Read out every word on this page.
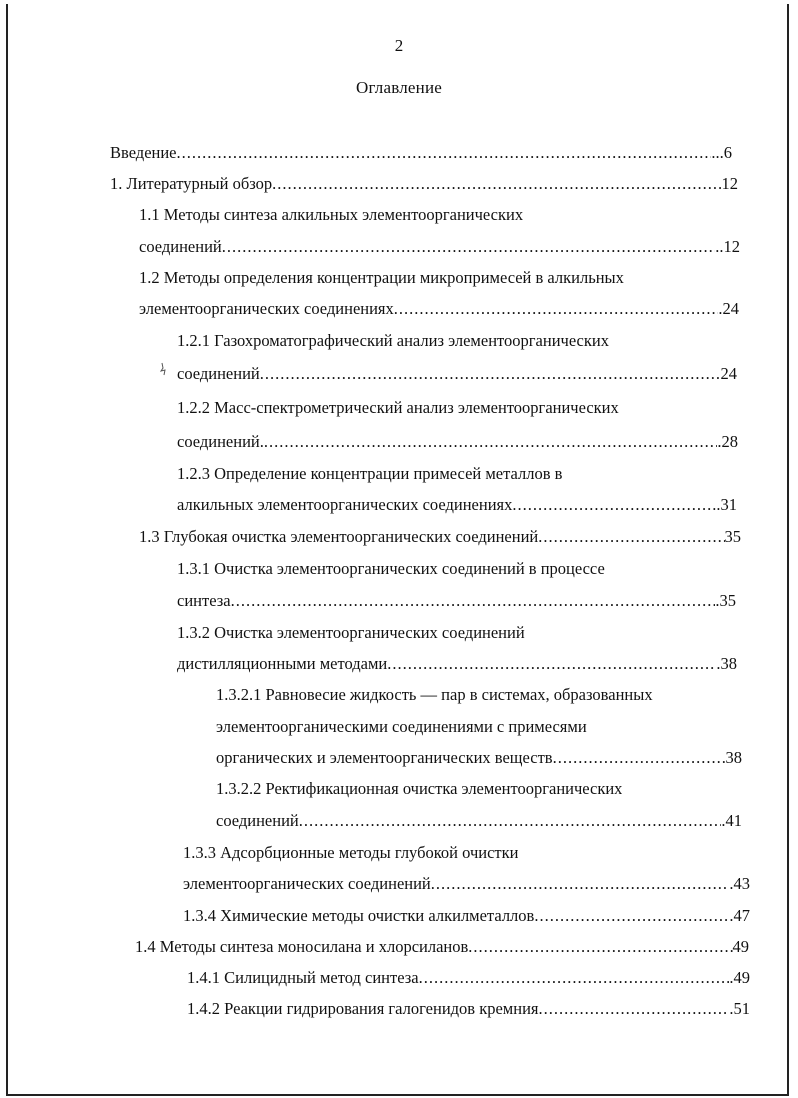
2
Оглавление
Введение .....	...6
1. Литературный обзор .....	12
1.1 Методы синтеза алкильных элементоорганических
соединений .....	..12
1.2 Методы определения концентрации микропримесей в алкильных
элементоорганических соединениях .....	.24
1.2.1 Газохроматографический анализ элементоорганических
соединений .....	24
1.2.2 Масс-спектрометрический анализ элементоорганических
соединений. .....	.28
1.2.3 Определение концентрации примесей металлов в
алкильных элементоорганических соединениях .....	.31
1.3 Глубокая очистка элементоорганических соединений .....	35
1.3.1 Очистка элементоорганических соединений в процессе
синтеза .....	.35
1.3.2 Очистка элементоорганических соединений
дистилляционными методами .....	.38
1.3.2.1 Равновесие жидкость — пар в системах, образованных
элементоорганическими соединениями с примесями
органических и элементоорганических веществ .....	38
1.3.2.2 Ректификационная очистка элементоорганических
соединений .....	.41
1.3.3 Адсорбционные методы глубокой очистки
элементоорганических соединений .....	.43
1.3.4 Химические методы очистки алкилметаллов .....	.47
1.4 Методы синтеза моносилана и хлорсиланов .....	49
1.4.1 Силицидный метод синтеза .....	.49
1.4.2 Реакции гидрирования галогенидов кремния .....	.51
